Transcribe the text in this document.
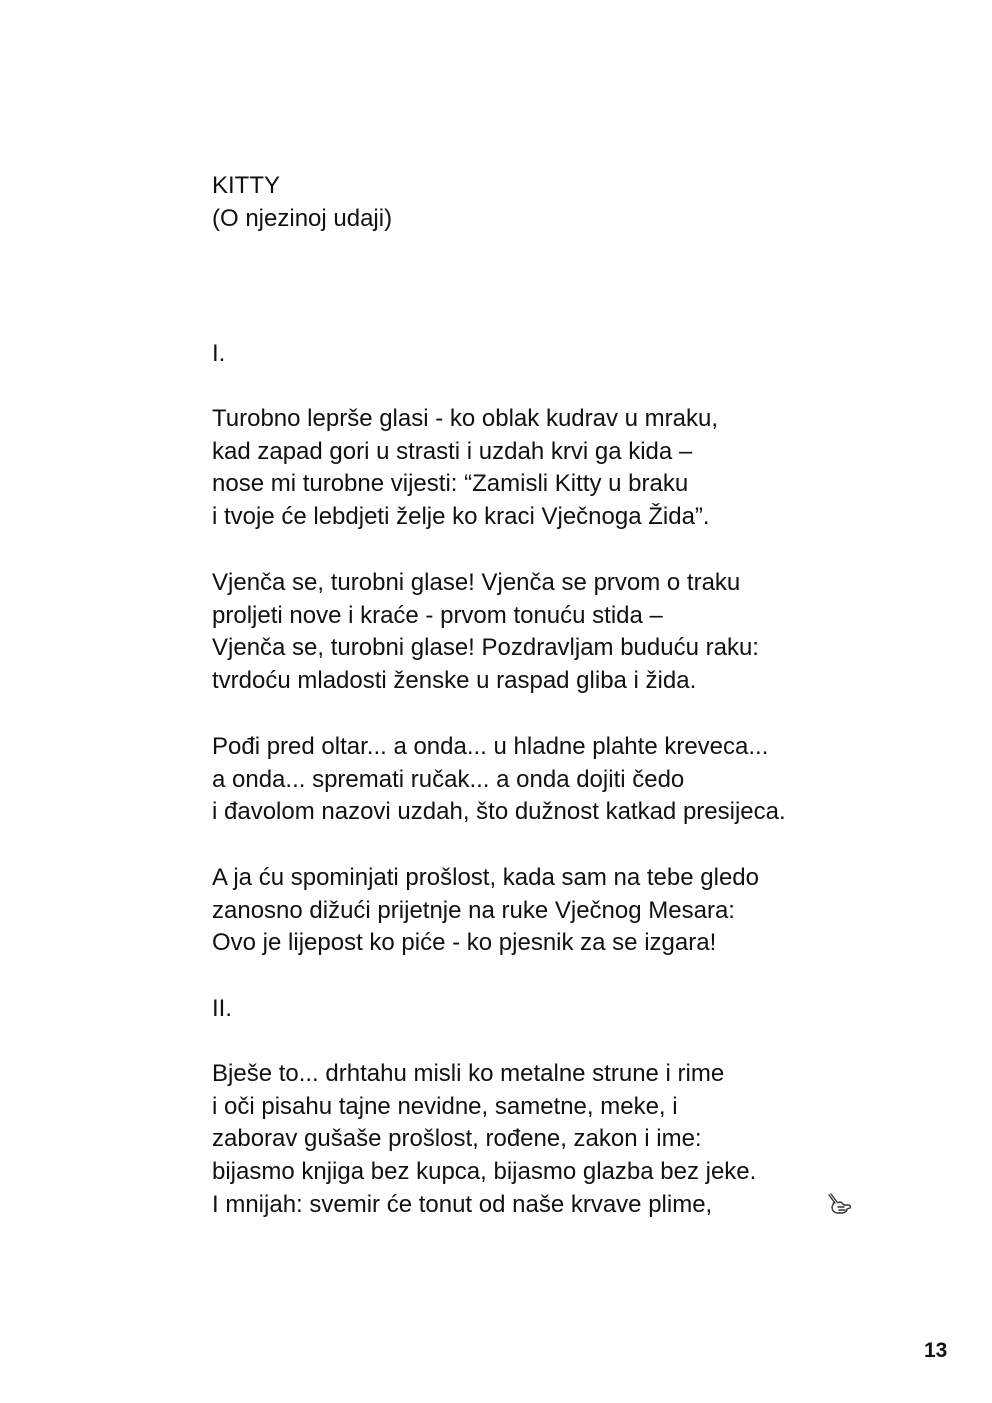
KITTY
(O njezinoj udaji)
I.
Turobno leprše glasi - ko oblak kudrav u mraku,
kad zapad gori u strasti i uzdah krvi ga kida –
nose mi turobne vijesti: “Zamisli Kitty u braku
i tvoje će lebdjeti želje ko kraci Vječnoga Žida”.
Vjenča se, turobni glase! Vjenča se prvom o traku
proljeti nove i kraće - prvom tonuću stida –
Vjenča se, turobni glase! Pozdravljam buduću raku:
tvrdoću mladosti ženske u raspad gliba i žida.
Pođi pred oltar... a onda... u hladne plahte kreveca...
a onda... spremati ručak... a onda dojiti čedo
i đavolom nazovi uzdah, što dužnost katkad presijeca.
A ja ću spominjati prošlost, kada sam na tebe gledo
zanosno dižući prijetnje na ruke Vječnog Mesara:
Ovo je lijepost ko piće - ko pjesnik za se izgara!
II.
Bješe to... drhtahu misli ko metalne strune i rime
i oči pisahu tajne nevidne, sametne, meke, i
zaborav gušaše prošlost, rođene, zakon i ime:
bijasmo knjiga bez kupca, bijasmo glazba bez jeke.
I mnijah: svemir će tonut od naše krvave plime,
13
